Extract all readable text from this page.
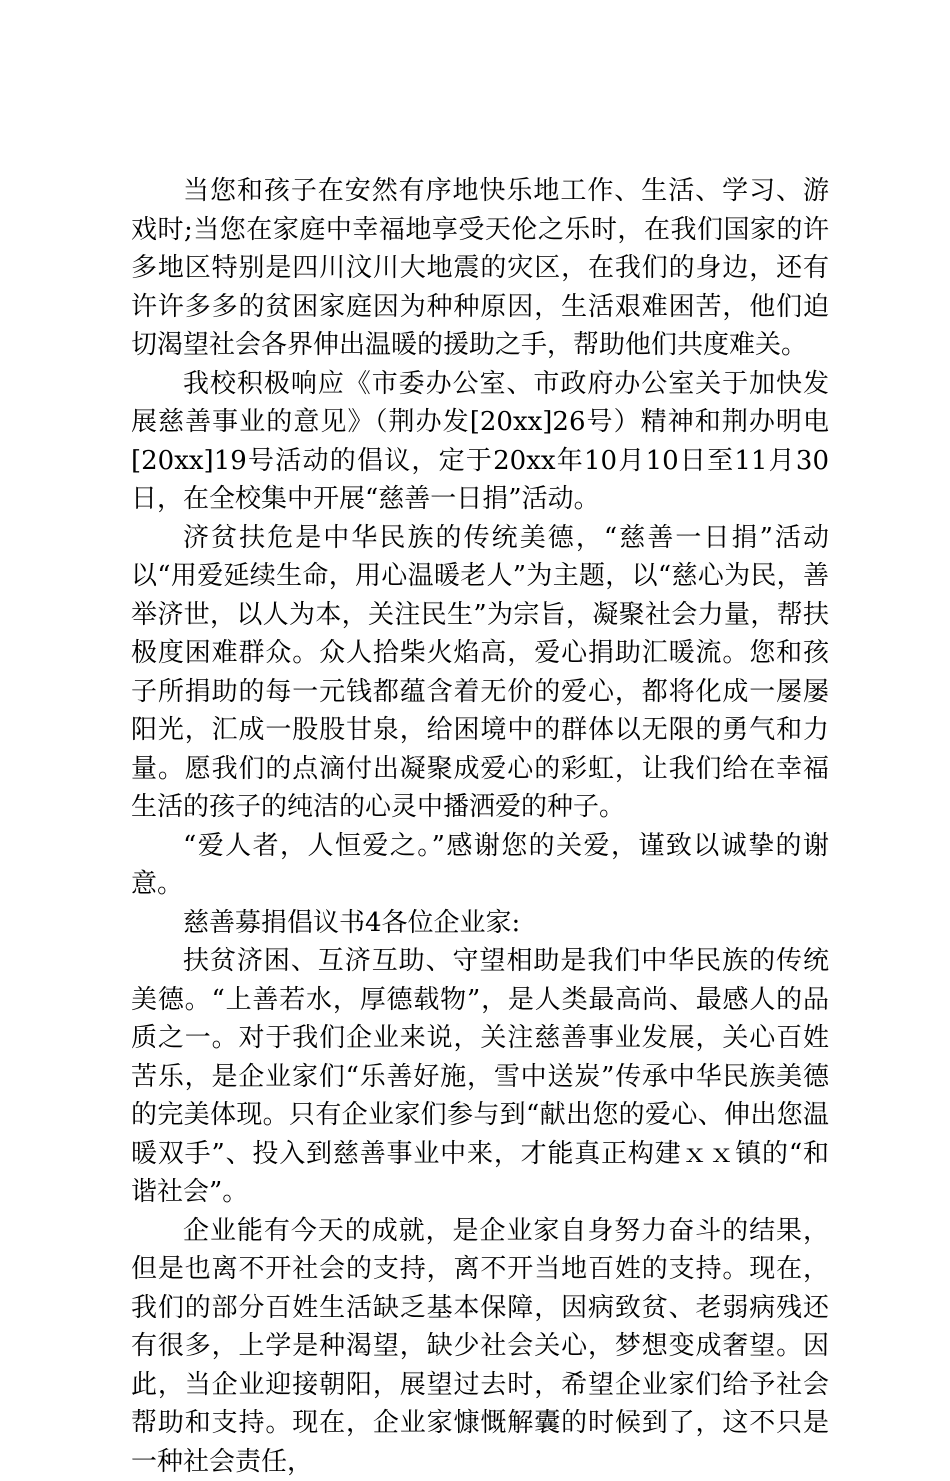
当您和孩子在安然有序地快乐地工作、生活、学习、游戏时;当您在家庭中幸福地享受天伦之乐时，在我们国家的许多地区特别是四川汶川大地震的灾区，在我们的身边，还有许许多多的贫困家庭因为种种原因，生活艰难困苦，他们迫切渴望社会各界伸出温暖的援助之手，帮助他们共度难关。

我校积极响应《市委办公室、市政府办公室关于加快发展慈善事业的意见》（荆办发[20xx]26号）精神和荆办明电[20xx]19号活动的倡议，定于20xx年10月10日至11月30日，在全校集中开展“慈善一日捐”活动。

济贫扶危是中华民族的传统美德，“慈善一日捐”活动以“用爱延续生命，用心温暖老人”为主题，以“慈心为民，善举济世，以人为本，关注民生”为宗旨，凝聚社会力量，帮扶极度困难群众。众人拾柴火焰高，爱心捐助汇暖流。您和孩子所捐助的每一元钱都蕴含着无价的爱心，都将化成一屡屡阳光，汇成一股股甘泉，给困境中的群体以无限的勇气和力量。愿我们的点滴付出凝聚成爱心的彩虹，让我们给在幸福生活的孩子的纯洁的心灵中播洒爱的种子。

“爱人者，人恒爱之。”感谢您的关爱，谨致以诚挚的谢意。

慈善募捐倡议书4各位企业家:

扶贫济困、互济互助、守望相助是我们中华民族的传统美德。“上善若水，厚德载物”，是人类最高尚、最感人的品质之一。对于我们企业来说，关注慈善事业发展，关心百姓苦乐，是企业家们“乐善好施，雪中送炭”传承中华民族美德的完美体现。只有企业家们参与到“献出您的爱心、伸出您温暖双手”、投入到慈善事业中来，才能真正构建ｘｘ镇的“和谐社会”。

企业能有今天的成就，是企业家自身努力奋斗的结果，但是也离不开社会的支持，离不开当地百姓的支持。现在，我们的部分百姓生活缺乏基本保障，因病致贫、老弱病残还有很多，上学是种渴望，缺少社会关心，梦想变成奢望。因此，当企业迎接朝阳，展望过去时，希望企业家们给予社会帮助和支持。现在，企业家慷慨解囊的时候到了，这不只是一种社会责任，
